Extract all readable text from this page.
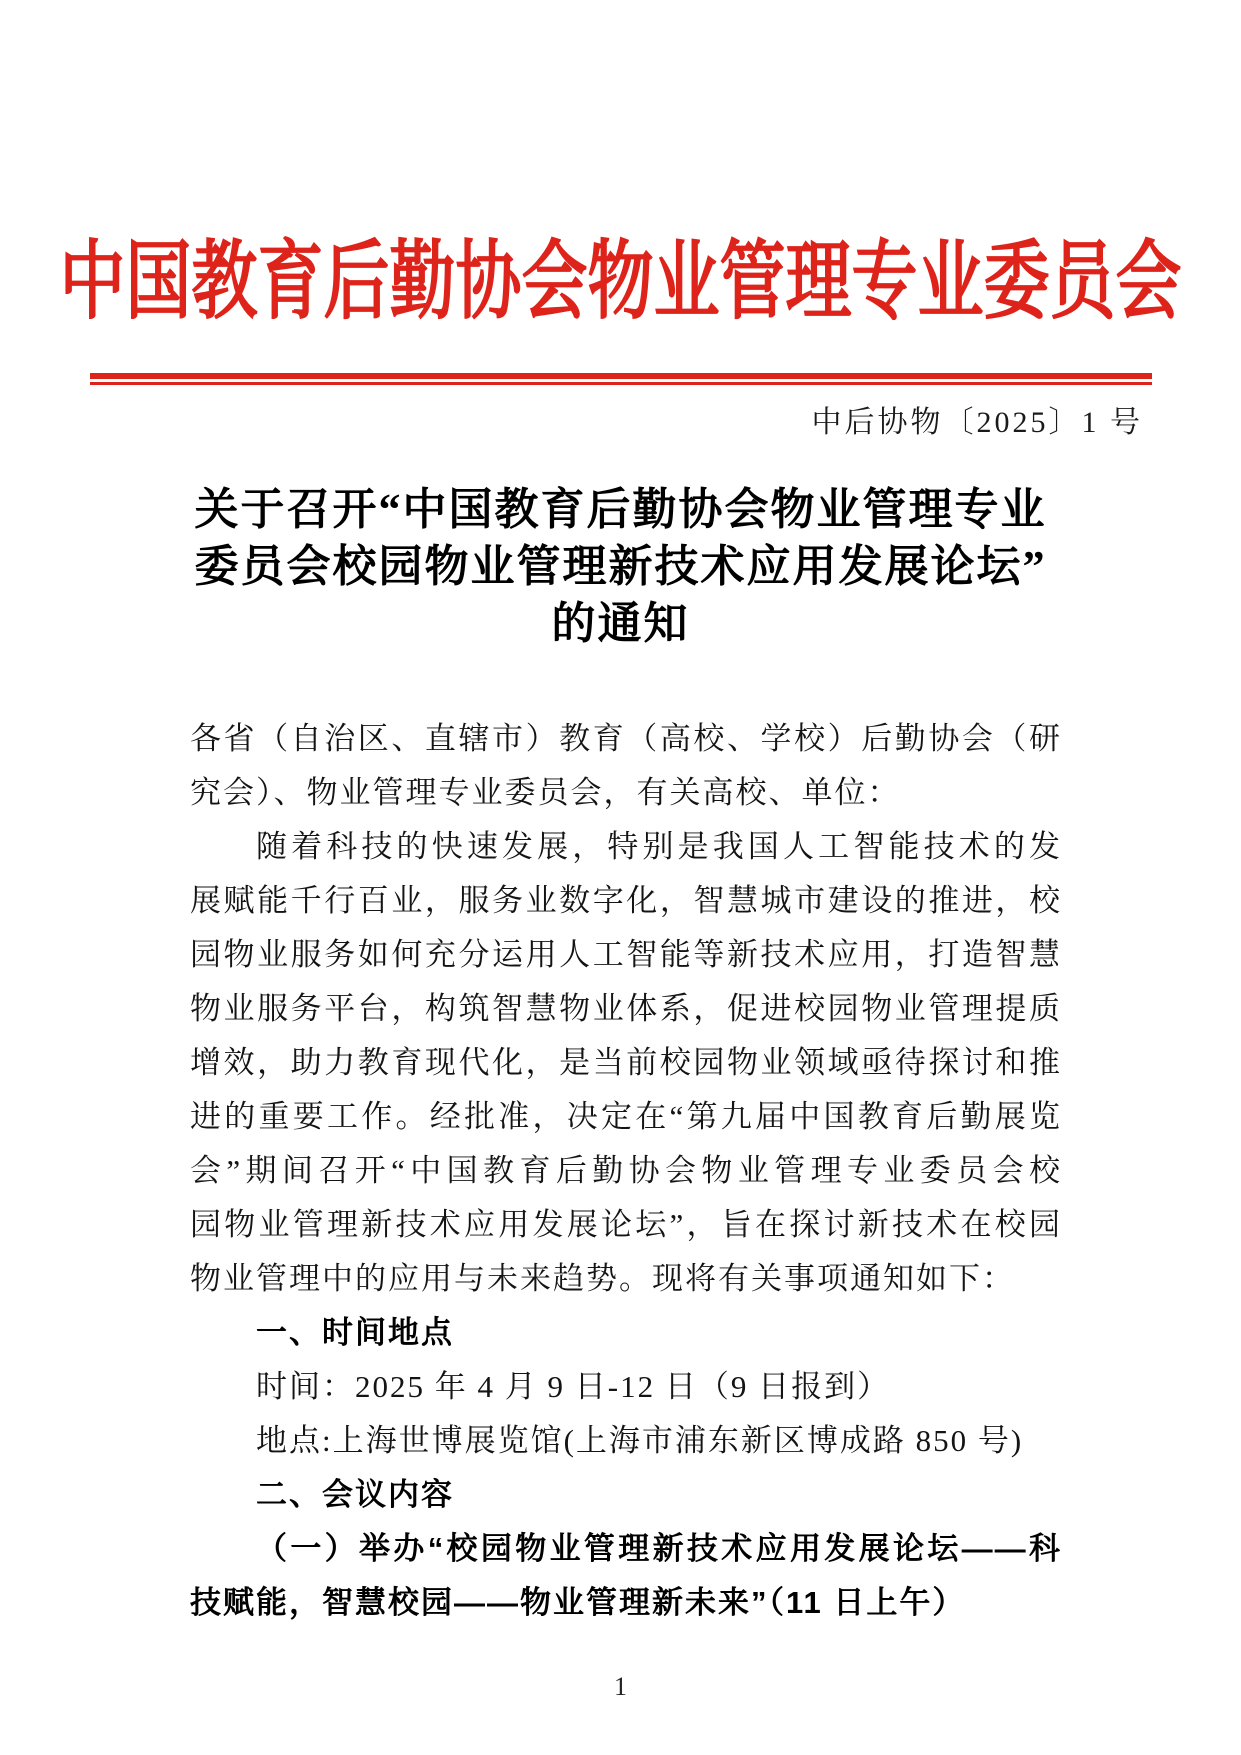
中国教育后勤协会物业管理专业委员会
中后协物〔2025〕1 号
关于召开“中国教育后勤协会物业管理专业
委员会校园物业管理新技术应用发展论坛”
的通知
各省（自治区、直辖市）教育（高校、学校）后勤协会（研
究会）、物业管理专业委员会，有关高校、单位：
随着科技的快速发展，特别是我国人工智能技术的发
展赋能千行百业，服务业数字化，智慧城市建设的推进，校
园物业服务如何充分运用人工智能等新技术应用，打造智慧
物业服务平台，构筑智慧物业体系，促进校园物业管理提质
增效，助力教育现代化，是当前校园物业领域亟待探讨和推
进的重要工作。经批准，决定在“第九届中国教育后勤展览
会”期间召开“中国教育后勤协会物业管理专业委员会校
园物业管理新技术应用发展论坛”，旨在探讨新技术在校园
物业管理中的应用与未来趋势。现将有关事项通知如下：
一、时间地点
时间：2025 年 4 月 9 日-12 日（9 日报到）
地点:上海世博展览馆(上海市浦东新区博成路 850 号)
二、会议内容
（一）举办“校园物业管理新技术应用发展论坛——科
技赋能，智慧校园——物业管理新未来”（11 日上午）
1
